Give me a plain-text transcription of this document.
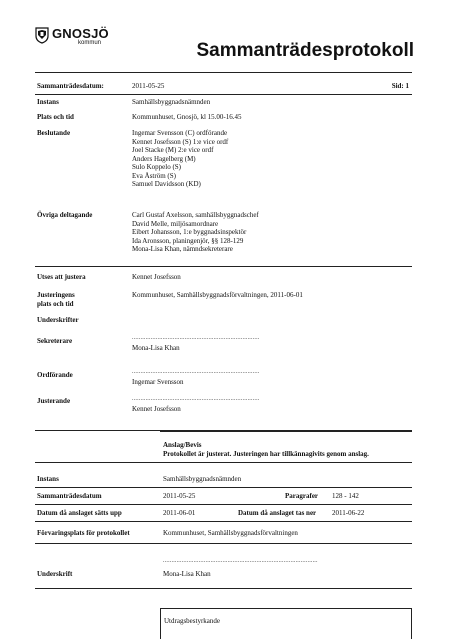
GNOSJÖ
kommun	Sammanträdesprotokoll
Sammanträdesdatum:	2011-05-25	Sid: 1
Instans	Samhällsbyggnadsnämnden
Plats och tid	Kommunhuset, Gnosjö, kl 15.00-16.45
Beslutande	Ingemar Svensson (C) ordförande
Kennet Josefsson (S) 1:e vice ordf
Joel Stacke (M) 2:e vice ordf
Anders Hagelberg (M)
Sulo Koppelo (S)
Eva Åström (S)
Samuel Davidsson (KD)
Övriga deltagande	Carl Gustaf Axelsson, samhällsbyggnadschef
David Melle, miljösamordnare
Eibert Johansson, 1:e byggnadsinspektör
Ida Aronsson, planingenjör, §§ 128-129
Mona-Lisa Khan, nämndsekreterare
Utses att justera	Kennet Josefsson
Justeringens
plats och tid
Kommunhuset, Samhällsbyggnadsförvaltningen, 2011-06-01
Underskrifter
Sekreterare	...........................................................................
Mona-Lisa Khan
Ordförande	...........................................................................
Ingemar Svensson
Justerande	...........................................................................
Kennet Josefsson
Anslag/Bevis
Protokollet är justerat. Justeringen har tillkännagivits genom anslag.
Instans	Samhällsbyggnadsnämnden
Sammanträdesdatum	2011-05-25	Paragrafer 128 - 142
Datum då anslaget sätts upp	2011-06-01	Datum då anslaget tas ner 2011-06-22
Förvaringsplats för protokollet	Kommunhuset, Samhällsbyggnadsförvaltningen
...........................................................................................
Underskrift	Mona-Lisa Khan
Utdragsbestyrkande
